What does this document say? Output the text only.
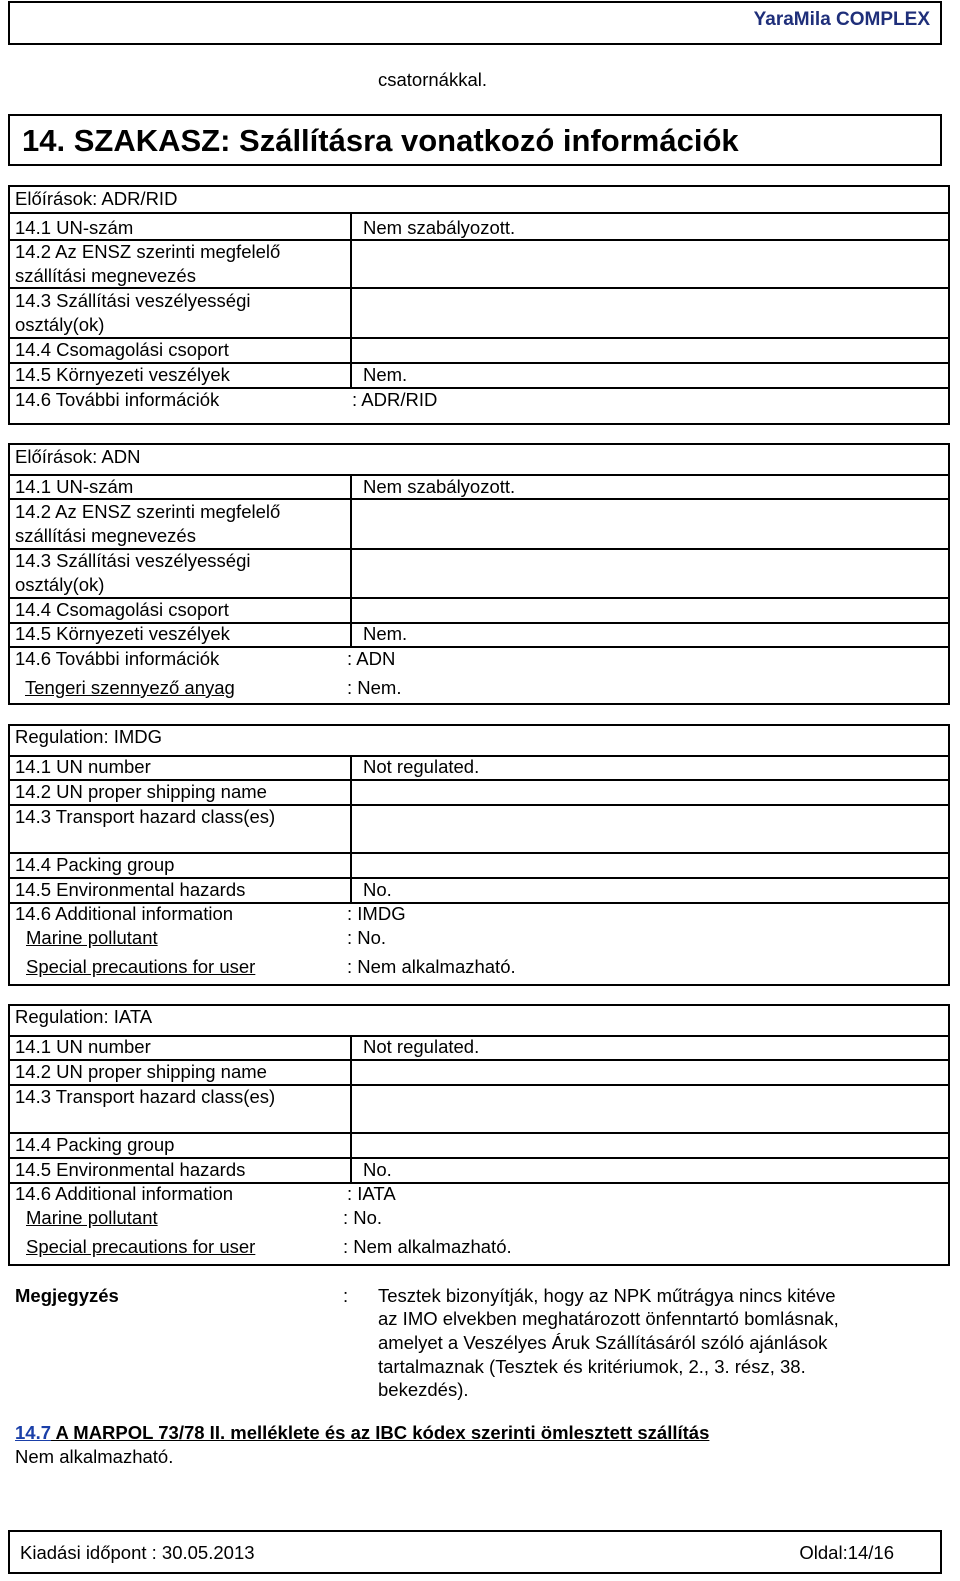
YaraMila COMPLEX
csatornákkal.
14. SZAKASZ: Szállításra vonatkozó információk
Előírások: ADR/RID
14.1 UN-szám	Nem szabályozott.
14.2 Az ENSZ szerinti megfelelő
szállítási megnevezés
14.3 Szállítási veszélyességi
osztály(ok)
14.4 Csomagolási csoport
14.5 Környezeti veszélyek	Nem.
14.6 További információk	: ADR/RID
Előírások: ADN
14.1 UN-szám	Nem szabályozott.
14.2 Az ENSZ szerinti megfelelő
szállítási megnevezés
14.3 Szállítási veszélyességi
osztály(ok)
14.4 Csomagolási csoport
14.5 Környezeti veszélyek	Nem.
14.6 További információk	: ADN
Tengeri szennyező anyag	: Nem.
Regulation: IMDG
14.1 UN number	Not regulated.
14.2 UN proper shipping name
14.3 Transport hazard class(es)
14.4 Packing group
14.5 Environmental hazards	No.
14.6 Additional information	: IMDG
Marine pollutant	: No.
Special precautions for user	: Nem alkalmazható.
Regulation: IATA
14.1 UN number	Not regulated.
14.2 UN proper shipping name
14.3 Transport hazard class(es)
14.4 Packing group
14.5 Environmental hazards	No.
14.6 Additional information	: IATA
Marine pollutant	: No.
Special precautions for user	: Nem alkalmazható.
Megjegyzés	: Tesztek bizonyítják, hogy az NPK műtrágya nincs kitéve
az IMO elvekben meghatározott önfenntartó bomlásnak,
amelyet a Veszélyes Áruk Szállításáról szóló ajánlások
tartalmaznak (Tesztek és kritériumok, 2., 3. rész, 38.
bekezdés).
14.7 A MARPOL 73/78 II. melléklete és az IBC kódex szerinti ömlesztett szállítás
Nem alkalmazható.
Kiadási időpont : 30.05.2013	Oldal:14/16
